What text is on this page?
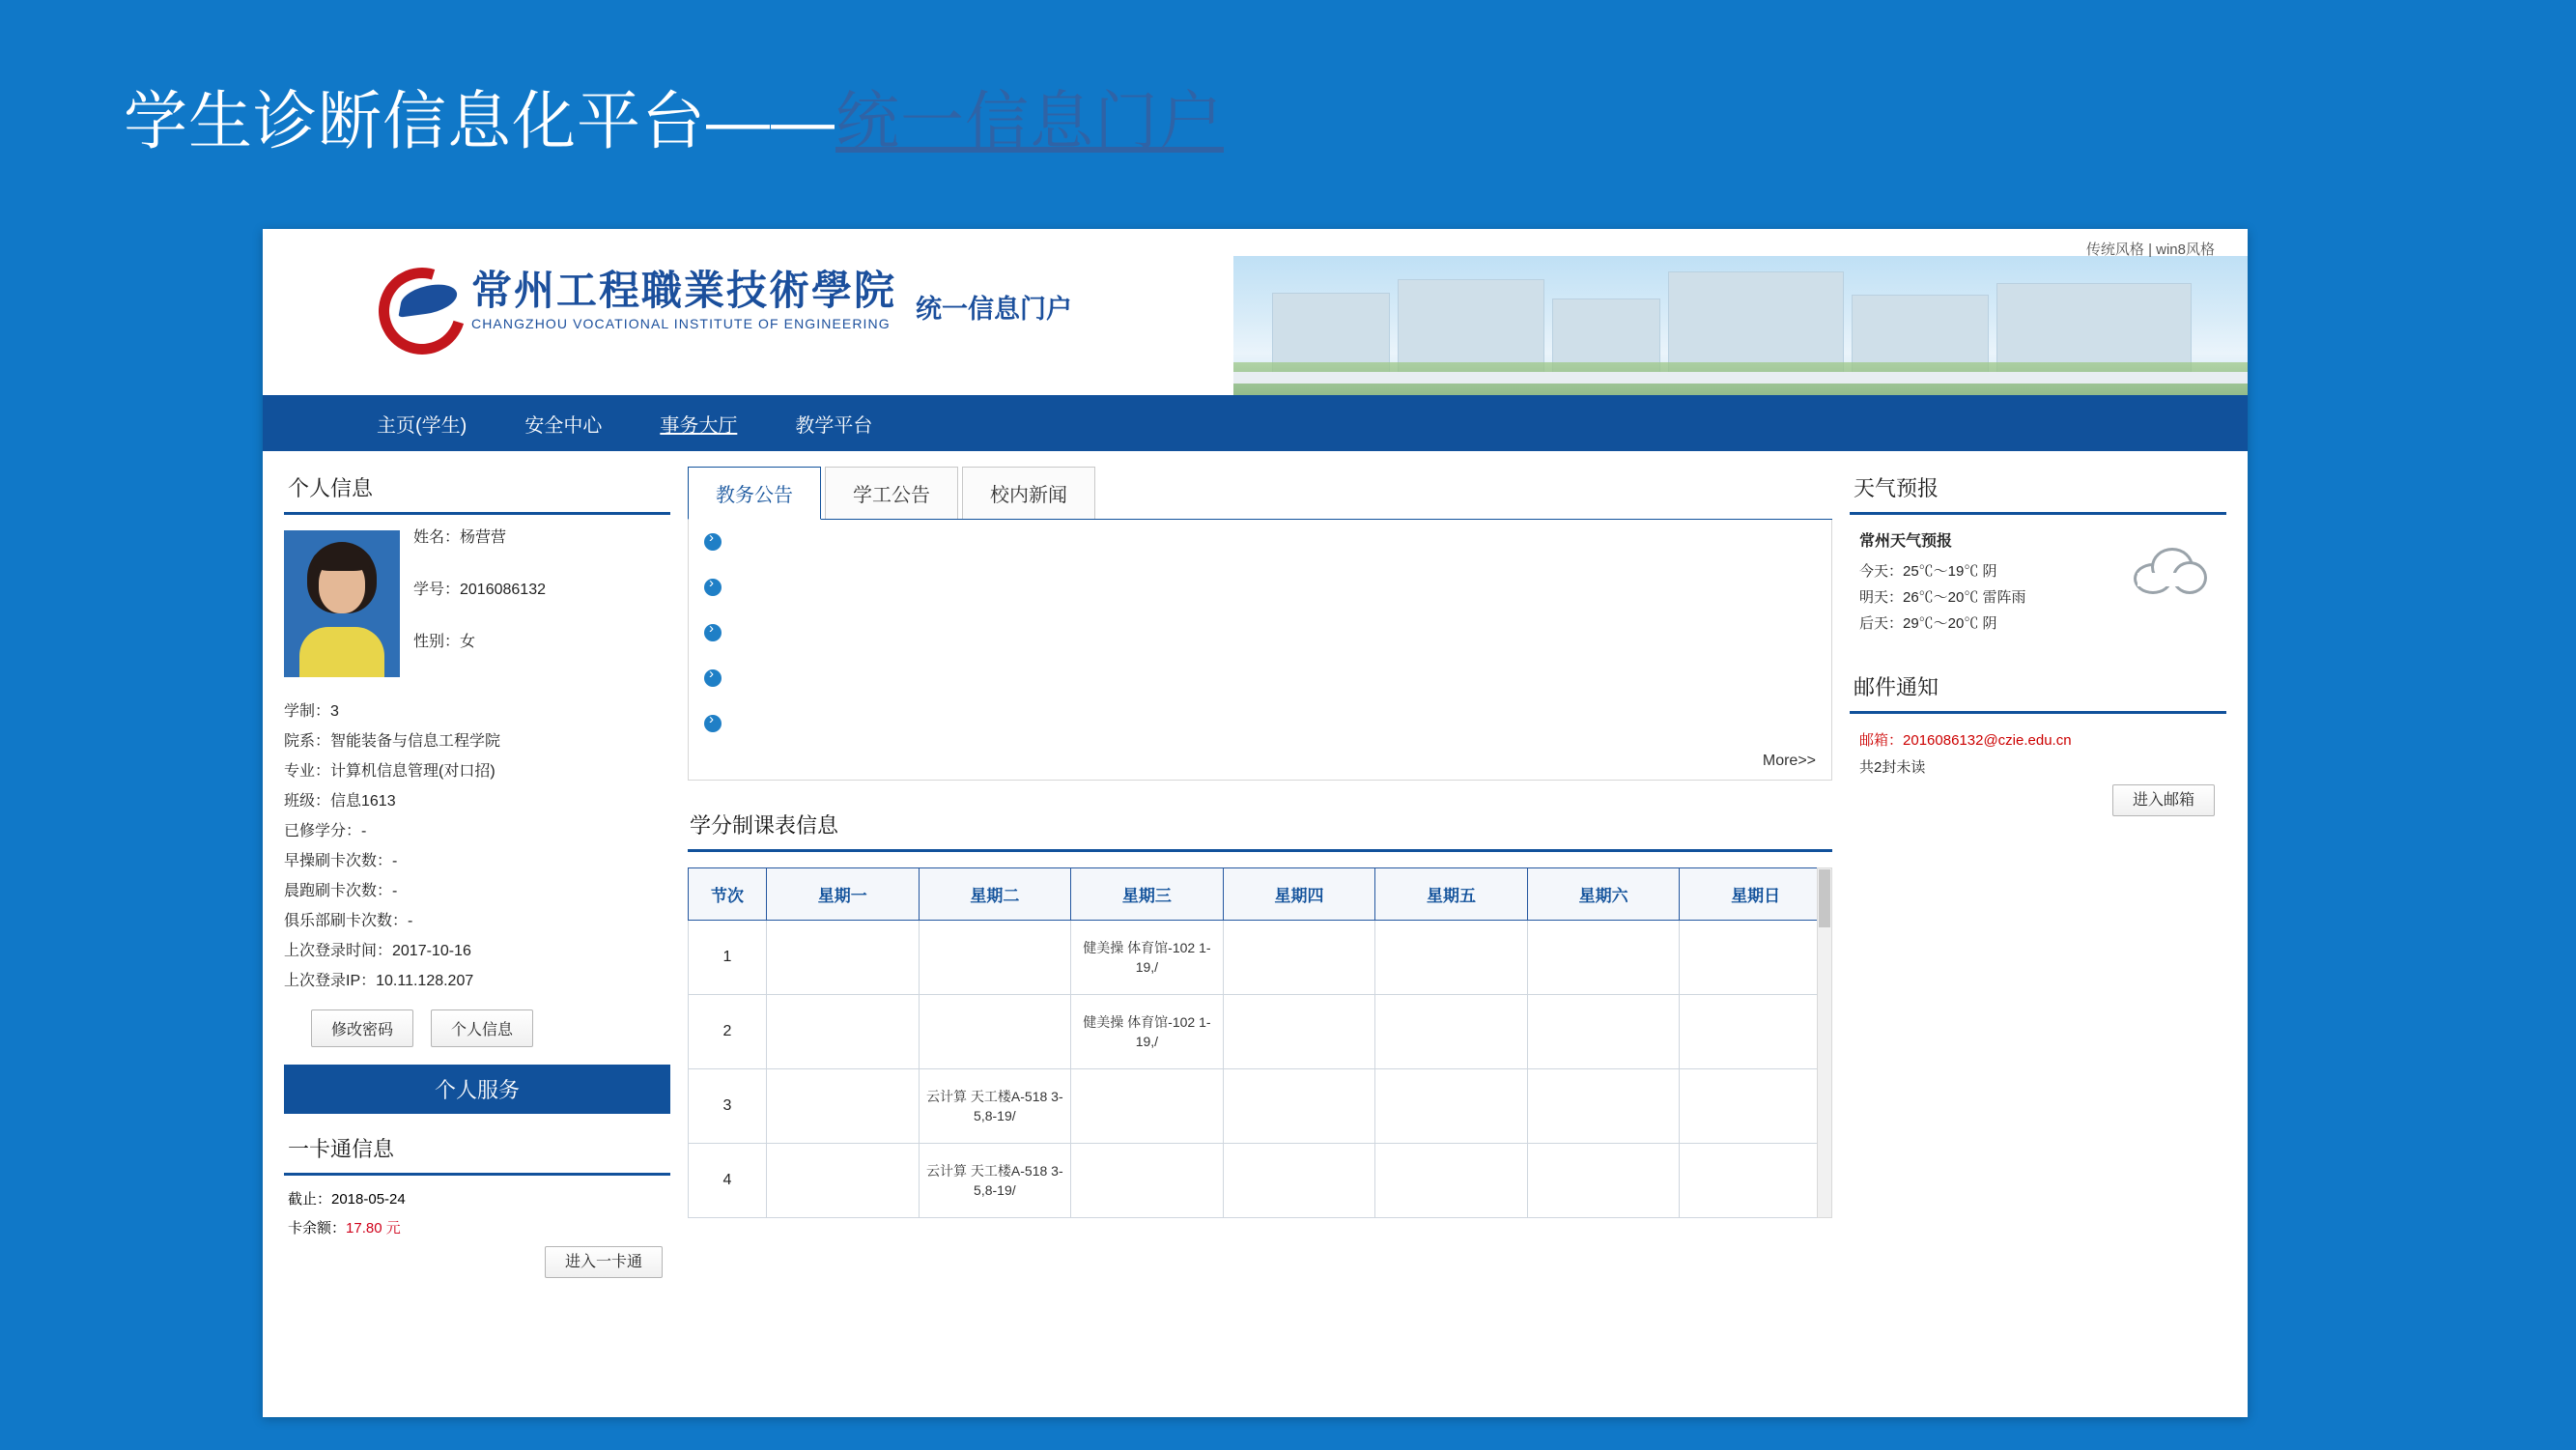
学生诊断信息化平台——统一信息门户
传统风格 | win8风格
常州工程職業技術學院
CHANGZHOU VOCATIONAL INSTITUTE OF ENGINEERING
统一信息门户
主页(学生)	安全中心	事务大厅	教学平台
个人信息
姓名：杨营营
学号：2016086132
性别：女
学制：3
院系：智能装备与信息工程学院
专业：计算机信息管理(对口招)
班级：信息1613
已修学分：-
早操刷卡次数：-
晨跑刷卡次数：-
俱乐部刷卡次数：-
上次登录时间：2017-10-16
上次登录IP：10.11.128.207
修改密码	个人信息
个人服务
一卡通信息
截止：2018-05-24
卡余额：17.80 元
进入一卡通
教务公告	学工公告	校内新闻
›
›
›
›
›
More>>
学分制课表信息
节次	星期一	星期二	星期三	星期四	星期五	星期六	星期日
1			健美操 体育馆-102 1-19,/				
2			健美操 体育馆-102 1-19,/				
3		云计算 天工楼A-518 3-5,8-19/					
4		云计算 天工楼A-518 3-5,8-19/					
天气预报
常州天气预报
今天：25℃～19℃ 阴
明天：26℃～20℃ 雷阵雨
后天：29℃～20℃ 阴
邮件通知
邮箱：2016086132@czie.edu.cn
共2封未读
进入邮箱
